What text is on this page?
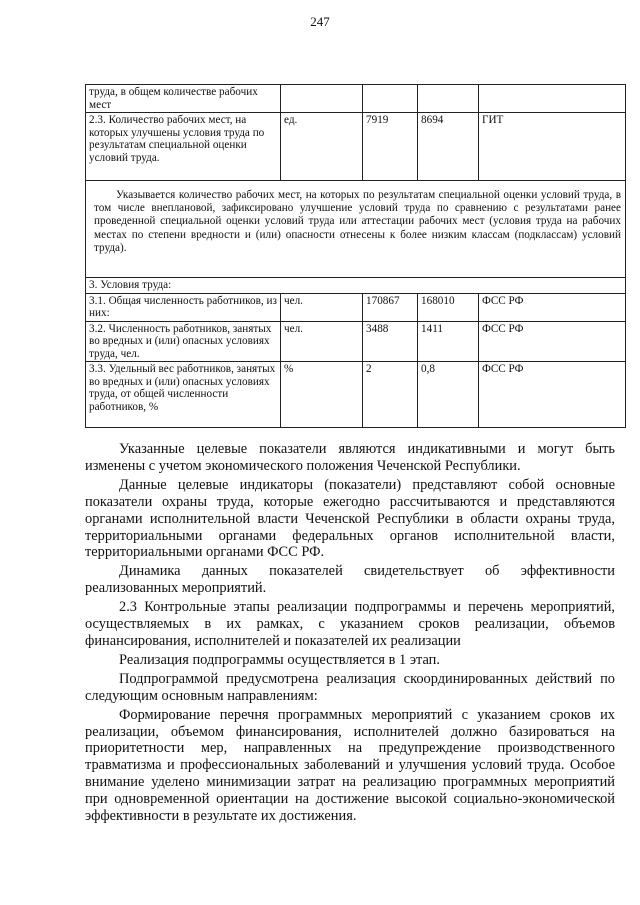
247
труда, в общем количестве рабочих мест				
2.3. Количество рабочих мест, на которых улучшены условия труда по результатам специальной оценки условий труда.	ед.	7919	8694	ГИТ
Указывается количество рабочих мест, на которых по результатам специальной оценки условий труда, в том числе внеплановой, зафиксировано улучшение условий труда по сравнению с результатами ранее проведенной специальной оценки условий труда или аттестации рабочих мест (условия труда на рабочих местах по степени вредности и (или) опасности отнесены к более низким классам (подклассам) условий труда).				
3. Условия труда:				
3.1. Общая численность работников, из них:	чел.	170867	168010	ФСС РФ
3.2. Численность работников, занятых во вредных и (или) опасных условиях труда, чел.	чел.	3488	1411	ФСС РФ
3.3. Удельный вес работников, занятых во вредных и (или) опасных условиях труда, от общей численности работников, %	%	2	0,8	ФСС РФ

Указанные целевые показатели являются индикативными и могут быть изменены с учетом экономического положения Чеченской Республики.

Данные целевые индикаторы (показатели) представляют собой основные показатели охраны труда, которые ежегодно рассчитываются и представляются органами исполнительной власти Чеченской Республики в области охраны труда, территориальными органами федеральных органов исполнительной власти, территориальными органами ФСС РФ.

Динамика данных показателей свидетельствует об эффективности реализованных мероприятий.

2.3 Контрольные этапы реализации подпрограммы и перечень мероприятий, осуществляемых в их рамках, с указанием сроков реализации, объемов финансирования, исполнителей и показателей их реализации

Реализация подпрограммы осуществляется в 1 этап.

Подпрограммой предусмотрена реализация скоординированных действий по следующим основным направлениям:

Формирование перечня программных мероприятий с указанием сроков их реализации, объемом финансирования, исполнителей должно базироваться на приоритетности мер, направленных на предупреждение производственного травматизма и профессиональных заболеваний и улучшения условий труда. Особое внимание уделено минимизации затрат на реализацию программных мероприятий при одновременной ориентации на достижение высокой социально-экономической эффективности в результате их достижения.
